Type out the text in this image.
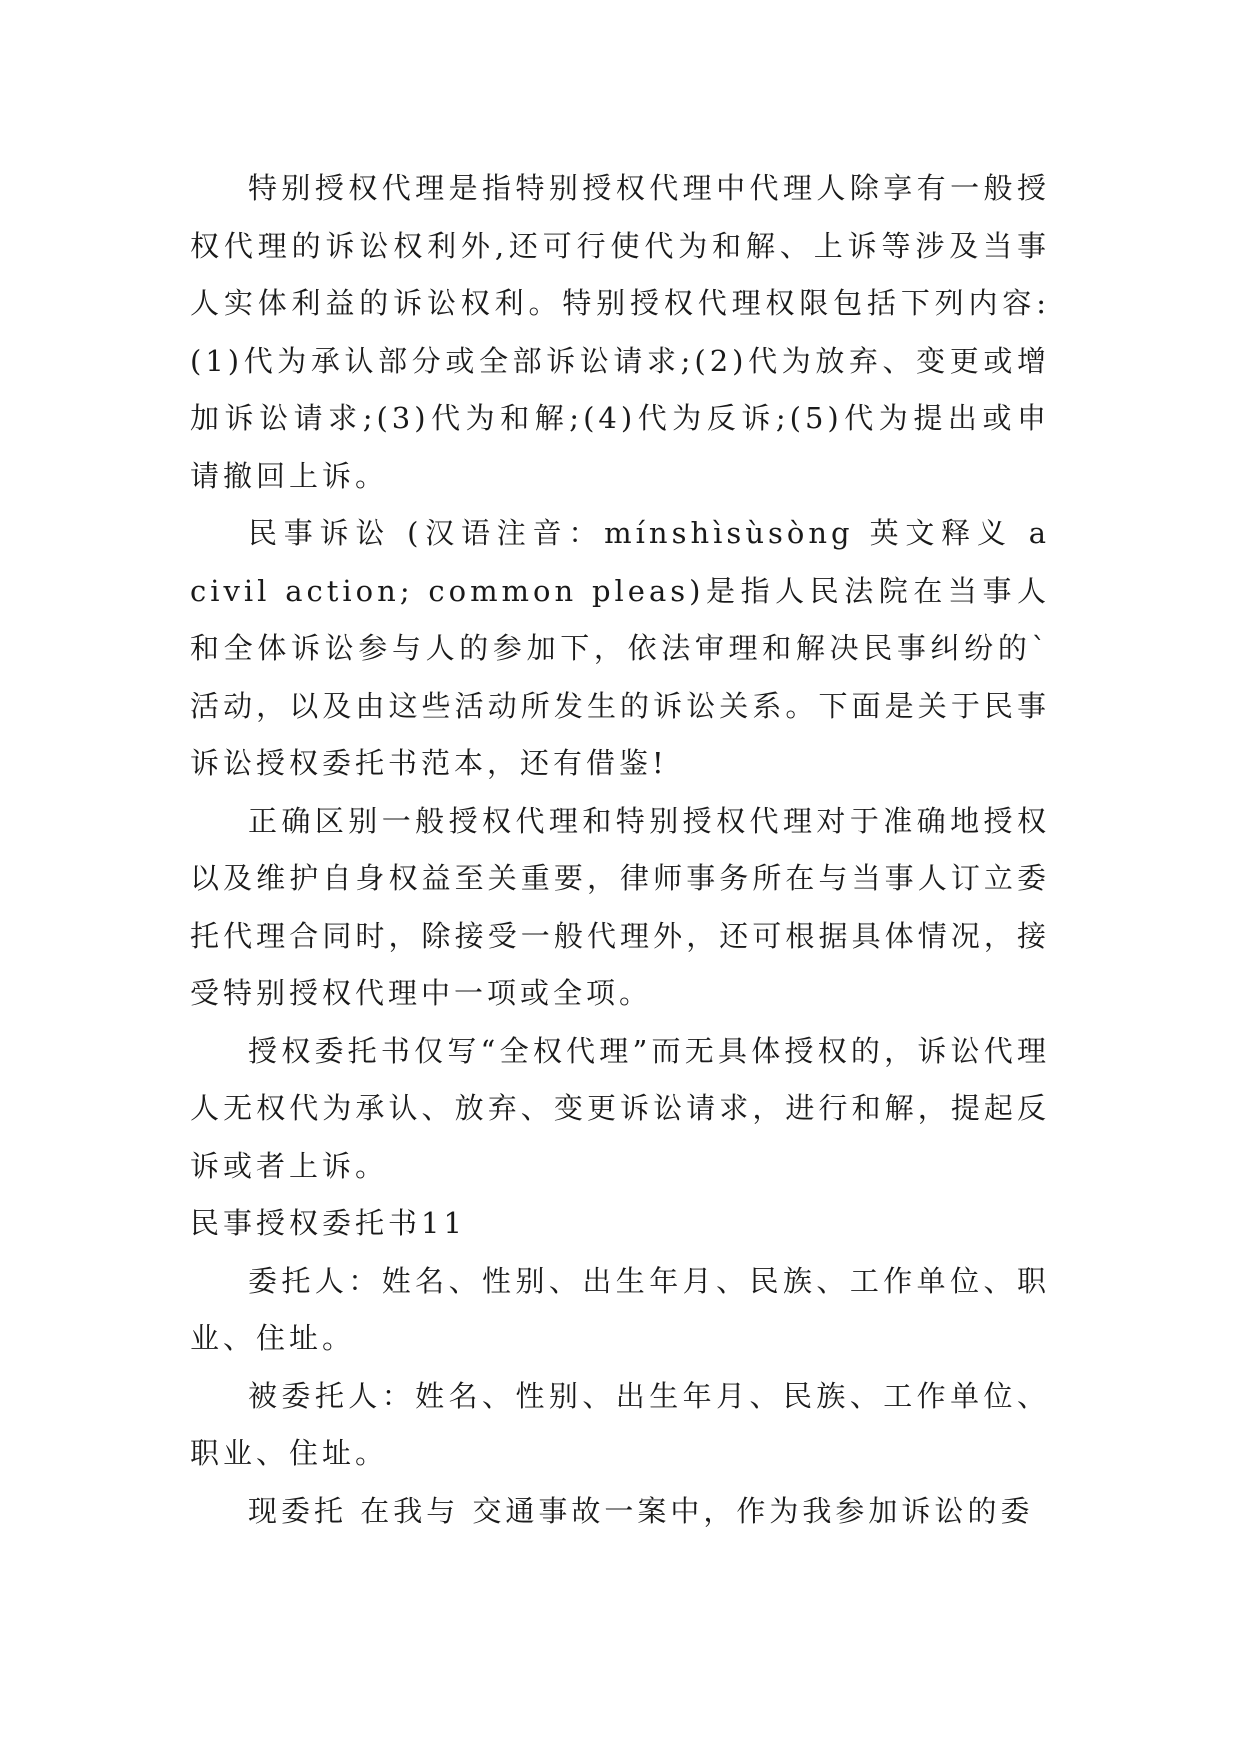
特别授权代理是指特别授权代理中代理人除享有一般授权代理的诉讼权利外,还可行使代为和解、上诉等涉及当事人实体利益的诉讼权利。特别授权代理权限包括下列内容:(1)代为承认部分或全部诉讼请求;(2)代为放弃、变更或增加诉讼请求;(3)代为和解;(4)代为反诉;(5)代为提出或申请撤回上诉。

民事诉讼 (汉语注音：mínshìsùsòng 英文释义 a civil action; common pleas)是指人民法院在当事人和全体诉讼参与人的参加下，依法审理和解决民事纠纷的`活动，以及由这些活动所发生的诉讼关系。下面是关于民事诉讼授权委托书范本，还有借鉴!

正确区别一般授权代理和特别授权代理对于准确地授权以及维护自身权益至关重要，律师事务所在与当事人订立委托代理合同时，除接受一般代理外，还可根据具体情况，接受特别授权代理中一项或全项。

授权委托书仅写“全权代理”而无具体授权的，诉讼代理人无权代为承认、放弃、变更诉讼请求，进行和解，提起反诉或者上诉。

民事授权委托书11

委托人：姓名、性别、出生年月、民族、工作单位、职业、住址。

被委托人：姓名、性别、出生年月、民族、工作单位、职业、住址。

现委托 在我与 交通事故一案中，作为我参加诉讼的委
